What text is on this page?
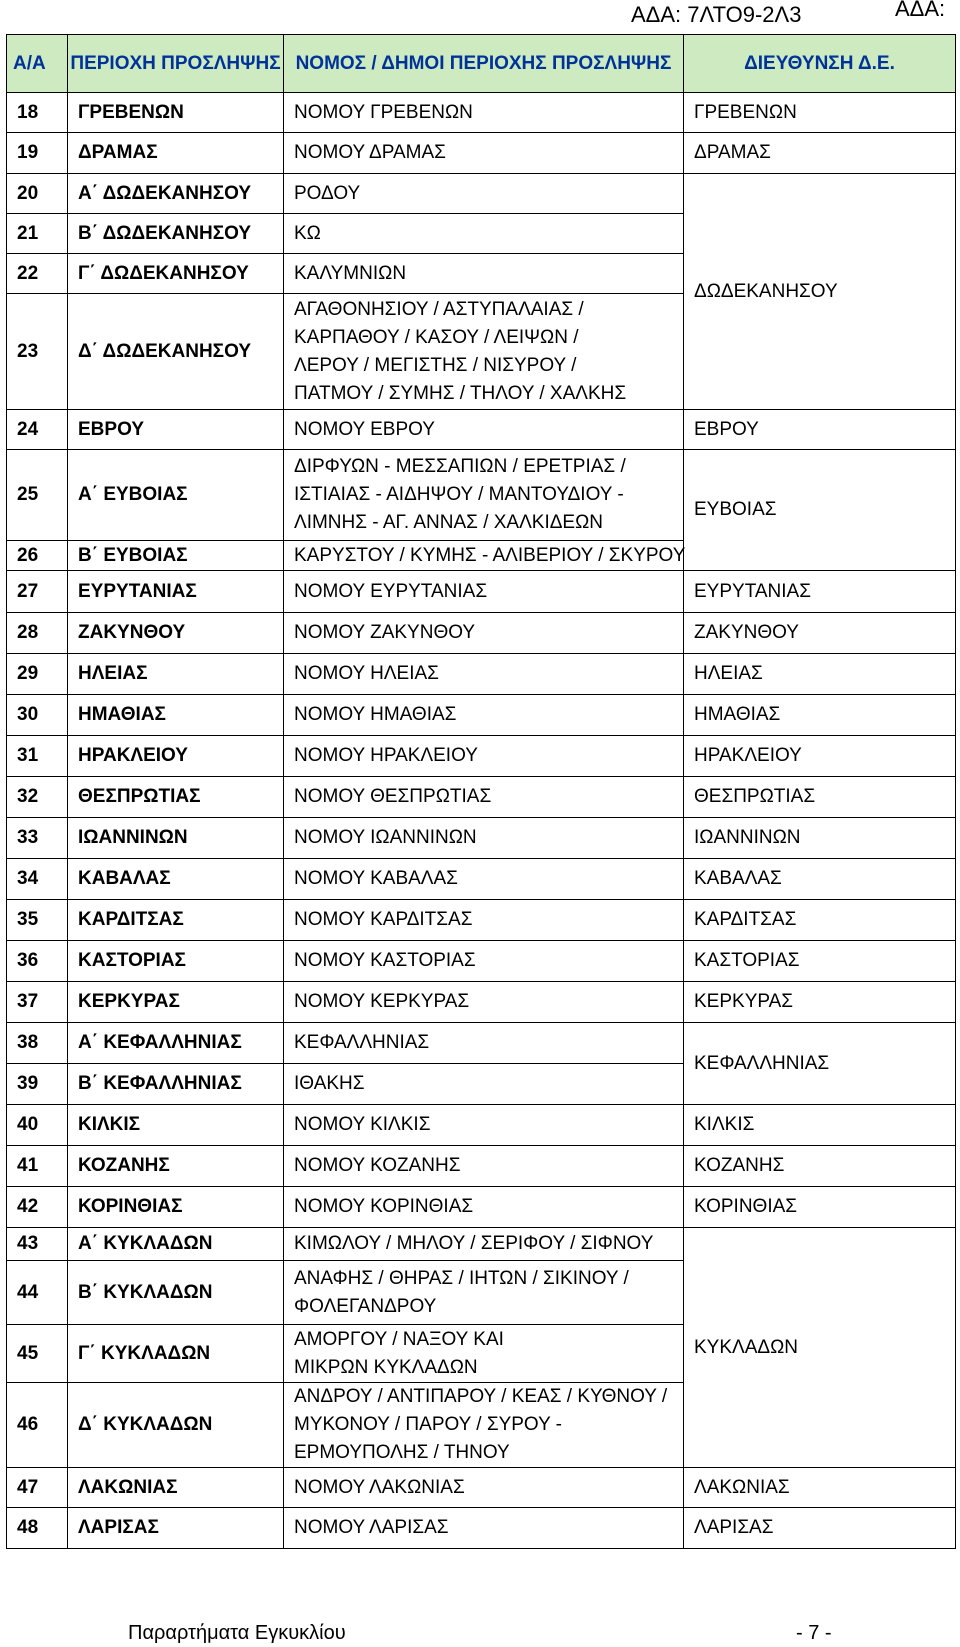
ΑΔΑ: 7ΛΤΟ9-2Λ3	ΑΔΑ:
Α/Α	ΠΕΡΙΟΧΗ ΠΡΟΣΛΗΨΗΣ	ΝΟΜΟΣ / ΔΗΜΟΙ ΠΕΡΙΟΧΗΣ ΠΡΟΣΛΗΨΗΣ	ΔΙΕΥΘΥΝΣΗ Δ.Ε.
18	ΓΡΕΒΕΝΩΝ	ΝΟΜΟΥ ΓΡΕΒΕΝΩΝ	ΓΡΕΒΕΝΩΝ
19	ΔΡΑΜΑΣ	ΝΟΜΟΥ ΔΡΑΜΑΣ	ΔΡΑΜΑΣ
20	Α΄ ΔΩΔΕΚΑΝΗΣΟΥ	ΡΟΔΟΥ	ΔΩΔΕΚΑΝΗΣΟΥ
21	Β΄ ΔΩΔΕΚΑΝΗΣΟΥ	ΚΩ	
22	Γ΄ ΔΩΔΕΚΑΝΗΣΟΥ	ΚΑΛΥΜΝΙΩΝ	
23	Δ΄ ΔΩΔΕΚΑΝΗΣΟΥ	ΑΓΑΘΟΝΗΣΙΟΥ / ΑΣΤΥΠΑΛΑΙΑΣ / ΚΑΡΠΑΘΟΥ / ΚΑΣΟΥ / ΛΕΙΨΩΝ / ΛΕΡΟΥ / ΜΕΓΙΣΤΗΣ / ΝΙΣΥΡΟΥ / ΠΑΤΜΟΥ / ΣΥΜΗΣ / ΤΗΛΟΥ / ΧΑΛΚΗΣ	
24	ΕΒΡΟΥ	ΝΟΜΟΥ ΕΒΡΟΥ	ΕΒΡΟΥ
25	Α΄ ΕΥΒΟΙΑΣ	ΔΙΡΦΥΩΝ - ΜΕΣΣΑΠΙΩΝ / ΕΡΕΤΡΙΑΣ / ΙΣΤΙΑΙΑΣ - ΑΙΔΗΨΟΥ / ΜΑΝΤΟΥΔΙΟΥ - ΛΙΜΝΗΣ - ΑΓ. ΑΝΝΑΣ / ΧΑΛΚΙΔΕΩΝ	ΕΥΒΟΙΑΣ
26	Β΄ ΕΥΒΟΙΑΣ	ΚΑΡΥΣΤΟΥ / ΚΥΜΗΣ - ΑΛΙΒΕΡΙΟΥ / ΣΚΥΡΟΥ	
27	ΕΥΡΥΤΑΝΙΑΣ	ΝΟΜΟΥ ΕΥΡΥΤΑΝΙΑΣ	ΕΥΡΥΤΑΝΙΑΣ
28	ΖΑΚΥΝΘΟΥ	ΝΟΜΟΥ ΖΑΚΥΝΘΟΥ	ΖΑΚΥΝΘΟΥ
29	ΗΛΕΙΑΣ	ΝΟΜΟΥ ΗΛΕΙΑΣ	ΗΛΕΙΑΣ
30	ΗΜΑΘΙΑΣ	ΝΟΜΟΥ ΗΜΑΘΙΑΣ	ΗΜΑΘΙΑΣ
31	ΗΡΑΚΛΕΙΟΥ	ΝΟΜΟΥ ΗΡΑΚΛΕΙΟΥ	ΗΡΑΚΛΕΙΟΥ
32	ΘΕΣΠΡΩΤΙΑΣ	ΝΟΜΟΥ ΘΕΣΠΡΩΤΙΑΣ	ΘΕΣΠΡΩΤΙΑΣ
33	ΙΩΑΝΝΙΝΩΝ	ΝΟΜΟΥ ΙΩΑΝΝΙΝΩΝ	ΙΩΑΝΝΙΝΩΝ
34	ΚΑΒΑΛΑΣ	ΝΟΜΟΥ ΚΑΒΑΛΑΣ	ΚΑΒΑΛΑΣ
35	ΚΑΡΔΙΤΣΑΣ	ΝΟΜΟΥ ΚΑΡΔΙΤΣΑΣ	ΚΑΡΔΙΤΣΑΣ
36	ΚΑΣΤΟΡΙΑΣ	ΝΟΜΟΥ ΚΑΣΤΟΡΙΑΣ	ΚΑΣΤΟΡΙΑΣ
37	ΚΕΡΚΥΡΑΣ	ΝΟΜΟΥ ΚΕΡΚΥΡΑΣ	ΚΕΡΚΥΡΑΣ
38	Α΄ ΚΕΦΑΛΛΗΝΙΑΣ	ΚΕΦΑΛΛΗΝΙΑΣ	ΚΕΦΑΛΛΗΝΙΑΣ
39	Β΄ ΚΕΦΑΛΛΗΝΙΑΣ	ΙΘΑΚΗΣ	
40	ΚΙΛΚΙΣ	ΝΟΜΟΥ ΚΙΛΚΙΣ	ΚΙΛΚΙΣ
41	ΚΟΖΑΝΗΣ	ΝΟΜΟΥ ΚΟΖΑΝΗΣ	ΚΟΖΑΝΗΣ
42	ΚΟΡΙΝΘΙΑΣ	ΝΟΜΟΥ ΚΟΡΙΝΘΙΑΣ	ΚΟΡΙΝΘΙΑΣ
43	Α΄ ΚΥΚΛΑΔΩΝ	ΚΙΜΩΛΟΥ / ΜΗΛΟΥ / ΣΕΡΙΦΟΥ / ΣΙΦΝΟΥ	ΚΥΚΛΑΔΩΝ
44	Β΄ ΚΥΚΛΑΔΩΝ	ΑΝΑΦΗΣ / ΘΗΡΑΣ / ΙΗΤΩΝ / ΣΙΚΙΝΟΥ / ΦΟΛΕΓΑΝΔΡΟΥ	
45	Γ΄ ΚΥΚΛΑΔΩΝ	ΑΜΟΡΓΟΥ / ΝΑΞΟΥ ΚΑΙ ΜΙΚΡΩΝ ΚΥΚΛΑΔΩΝ	
46	Δ΄ ΚΥΚΛΑΔΩΝ	ΑΝΔΡΟΥ / ΑΝΤΙΠΑΡΟΥ / ΚΕΑΣ / ΚΥΘΝΟΥ / ΜΥΚΟΝΟΥ / ΠΑΡΟΥ / ΣΥΡΟΥ - ΕΡΜΟΥΠΟΛΗΣ / ΤΗΝΟΥ	
47	ΛΑΚΩΝΙΑΣ	ΝΟΜΟΥ ΛΑΚΩΝΙΑΣ	ΛΑΚΩΝΙΑΣ
48	ΛΑΡΙΣΑΣ	ΝΟΜΟΥ ΛΑΡΙΣΑΣ	ΛΑΡΙΣΑΣ
Παραρτήματα Εγκυκλίου	- 7 -
